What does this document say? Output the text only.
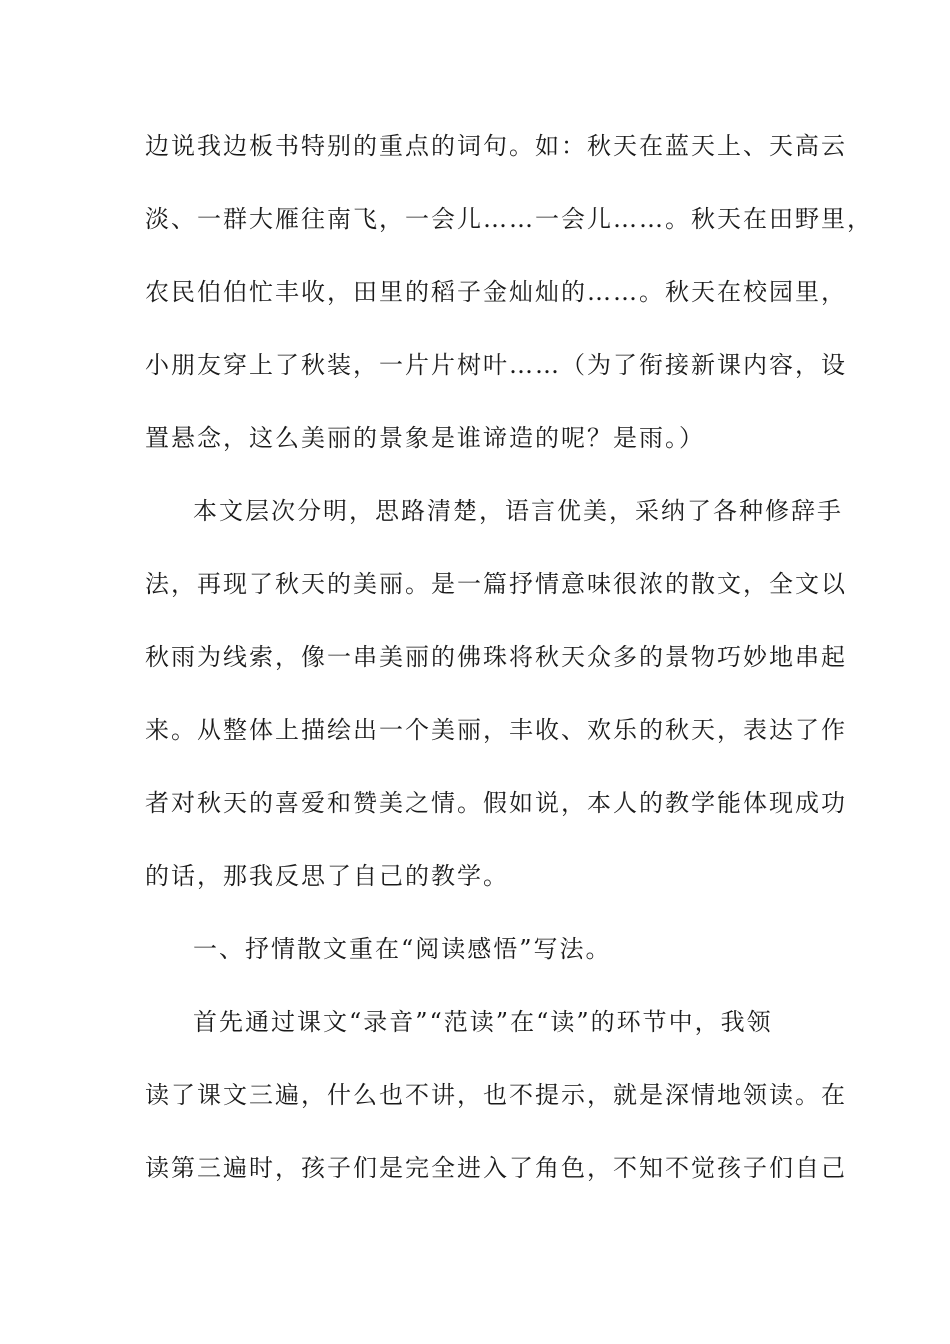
边说我边板书特别的重点的词句。如：秋天在蓝天上、天高云
淡、一群大雁往南飞，一会儿……一会儿……。秋天在田野里，
农民伯伯忙丰收，田里的稻子金灿灿的……。秋天在校园里，
小朋友穿上了秋装，一片片树叶……（为了衔接新课内容，设
置悬念，这么美丽的景象是谁谛造的呢？是雨。）
本文层次分明，思路清楚，语言优美，采纳了各种修辞手
法，再现了秋天的美丽。是一篇抒情意味很浓的散文，全文以
秋雨为线索，像一串美丽的佛珠将秋天众多的景物巧妙地串起
来。从整体上描绘出一个美丽，丰收、欢乐的秋天，表达了作
者对秋天的喜爱和赞美之情。假如说，本人的教学能体现成功
的话，那我反思了自己的教学。
一、抒情散文重在“阅读感悟”写法。
首先通过课文“录音”“范读”在“读”的环节中，我领
读了课文三遍，什么也不讲，也不提示，就是深情地领读。在
读第三遍时，孩子们是完全进入了角色，不知不觉孩子们自己
